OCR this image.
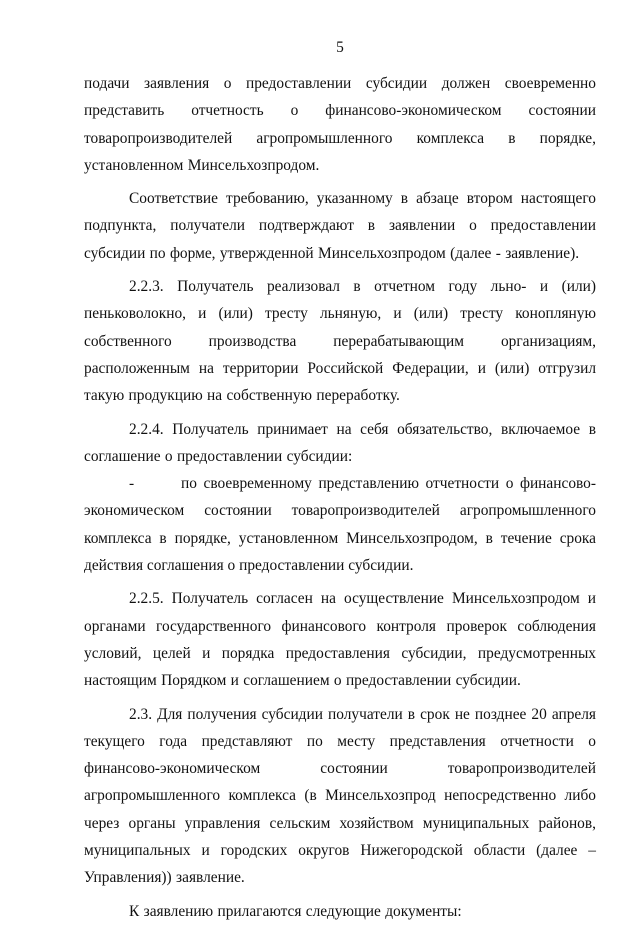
5

подачи заявления о предоставлении субсидии должен своевременно представить отчетность о финансово-экономическом состоянии товаропроизводителей агропромышленного комплекса в порядке, установленном Минсельхозпродом.

Соответствие требованию, указанному в абзаце втором настоящего подпункта, получатели подтверждают в заявлении о предоставлении субсидии по форме, утвержденной Минсельхозпродом (далее - заявление).

2.2.3. Получатель реализовал в отчетном году льно- и (или) пеньковолокно, и (или) тресту льняную, и (или) тресту конопляную собственного производства перерабатывающим организациям, расположенным на территории Российской Федерации, и (или) отгрузил такую продукцию на собственную переработку.

2.2.4. Получатель принимает на себя обязательство, включаемое в соглашение о предоставлении субсидии:

-	по своевременному представлению отчетности о финансово-экономическом состоянии товаропроизводителей агропромышленного комплекса в порядке, установленном Минсельхозпродом, в течение срока действия соглашения о предоставлении субсидии.

2.2.5. Получатель согласен на осуществление Минсельхозпродом и органами государственного финансового контроля проверок соблюдения условий, целей и порядка предоставления субсидии, предусмотренных настоящим Порядком и соглашением о предоставлении субсидии.

2.3. Для получения субсидии получатели в срок не позднее 20 апреля текущего года представляют по месту представления отчетности о финансово-экономическом состоянии товаропроизводителей агропромышленного комплекса (в Минсельхозпрод непосредственно либо через органы управления сельским хозяйством муниципальных районов, муниципальных и городских округов Нижегородской области (далее – Управления)) заявление.

К заявлению прилагаются следующие документы:
